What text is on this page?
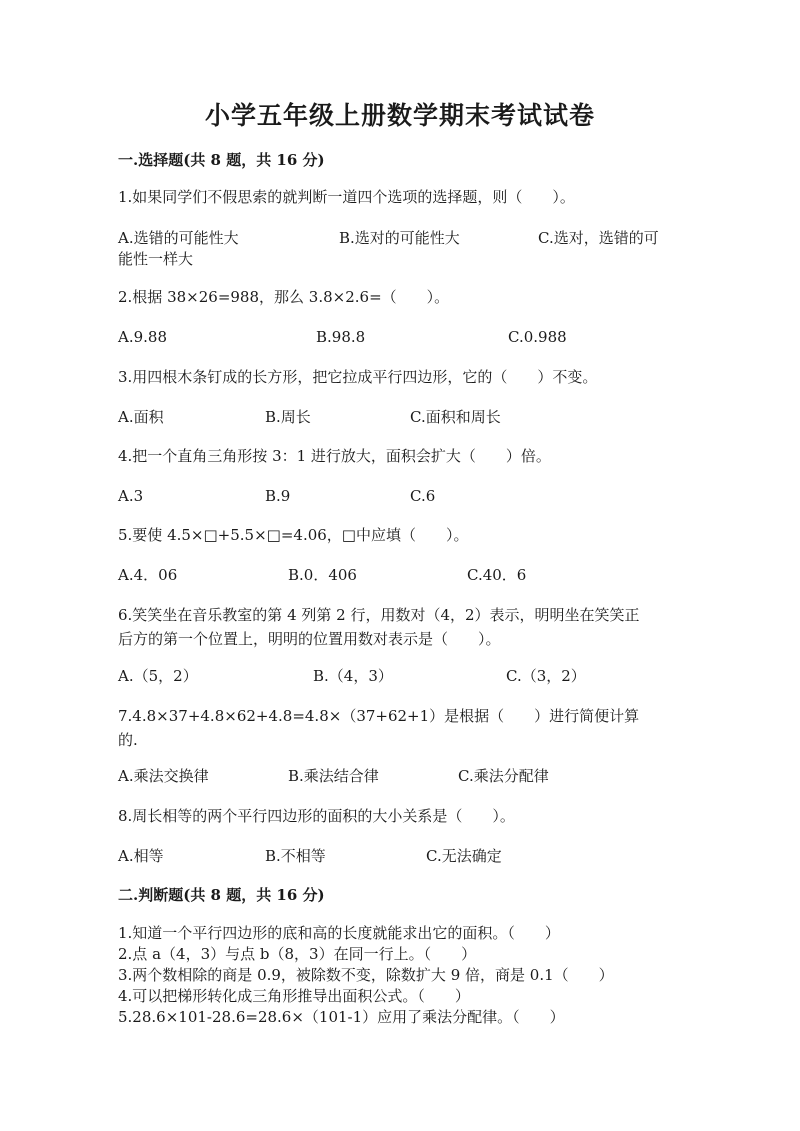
小学五年级上册数学期末考试试卷
一.选择题(共 8 题，共 16 分)
1.如果同学们不假思索的就判断一道四个选项的选择题，则（　　）。
A.选错的可能性大	B.选对的可能性大	C.选对，选错的可
能性一样大
2.根据 38×26=988，那么 3.8×2.6=（　　）。
A.9.88	B.98.8	C.0.988
3.用四根木条钉成的长方形，把它拉成平行四边形，它的（　　）不变。
A.面积	B.周长	C.面积和周长
4.把一个直角三角形按 3：1 进行放大，面积会扩大（　　）倍。
A.3	B.9	C.6
5.要使 4.5×□+5.5×□=4.06，□中应填（　　）。
A.4．06	B.0．406	C.40．6
6.笑笑坐在音乐教室的第 4 列第 2 行，用数对（4，2）表示，明明坐在笑笑正
后方的第一个位置上，明明的位置用数对表示是（　　）。
A.（5，2）	B.（4，3）	C.（3，2）
7.4.8×37+4.8×62+4.8=4.8×（37+62+1）是根据（　　）进行简便计算
的.
A.乘法交换律	B.乘法结合律	C.乘法分配律
8.周长相等的两个平行四边形的面积的大小关系是（　　）。
A.相等	B.不相等	C.无法确定
二.判断题(共 8 题，共 16 分)
1.知道一个平行四边形的底和高的长度就能求出它的面积。（　　）
2.点 a（4，3）与点 b（8，3）在同一行上。（　　）
3.两个数相除的商是 0.9，被除数不变，除数扩大 9 倍，商是 0.1（　　）
4.可以把梯形转化成三角形推导出面积公式。（　　）
5.28.6×101-28.6=28.6×（101-1）应用了乘法分配律。（　　）
